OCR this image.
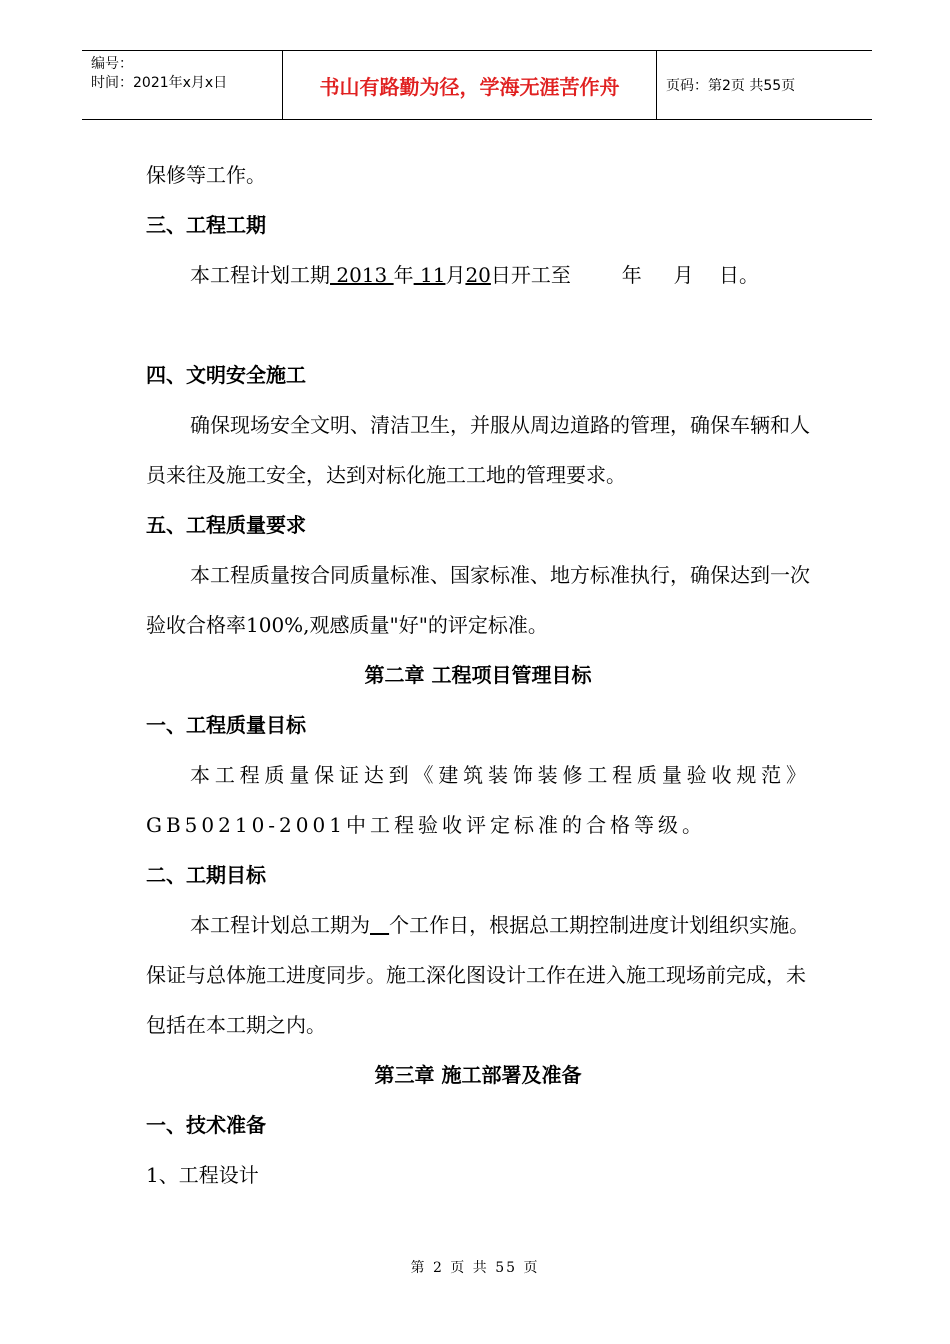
编号：
时间：2021年x月x日	书山有路勤为径，学海无涯苦作舟	页码：第2页 共55页

保修等工作。

三、工程工期

本工程计划工期 2013 年 11月20日开工至        年     月    日。

四、文明安全施工

确保现场安全文明、清洁卫生，并服从周边道路的管理，确保车辆和人员来往及施工安全，达到对标化施工工地的管理要求。

五、工程质量要求

本工程质量按合同质量标准、国家标准、地方标准执行，确保达到一次验收合格率100%,观感质量"好"的评定标准。

第二章 工程项目管理目标

一、工程质量目标

本工程质量保证达到《建筑装饰装修工程质量验收规范》GB50210-2001中工程验收评定标准的合格等级。

二、工期目标

本工程计划总工期为 个工作日，根据总工期控制进度计划组织实施。保证与总体施工进度同步。施工深化图设计工作在进入施工现场前完成，未包括在本工期之内。

第三章 施工部署及准备

一、技术准备

1、工程设计

第 2 页 共 55 页
